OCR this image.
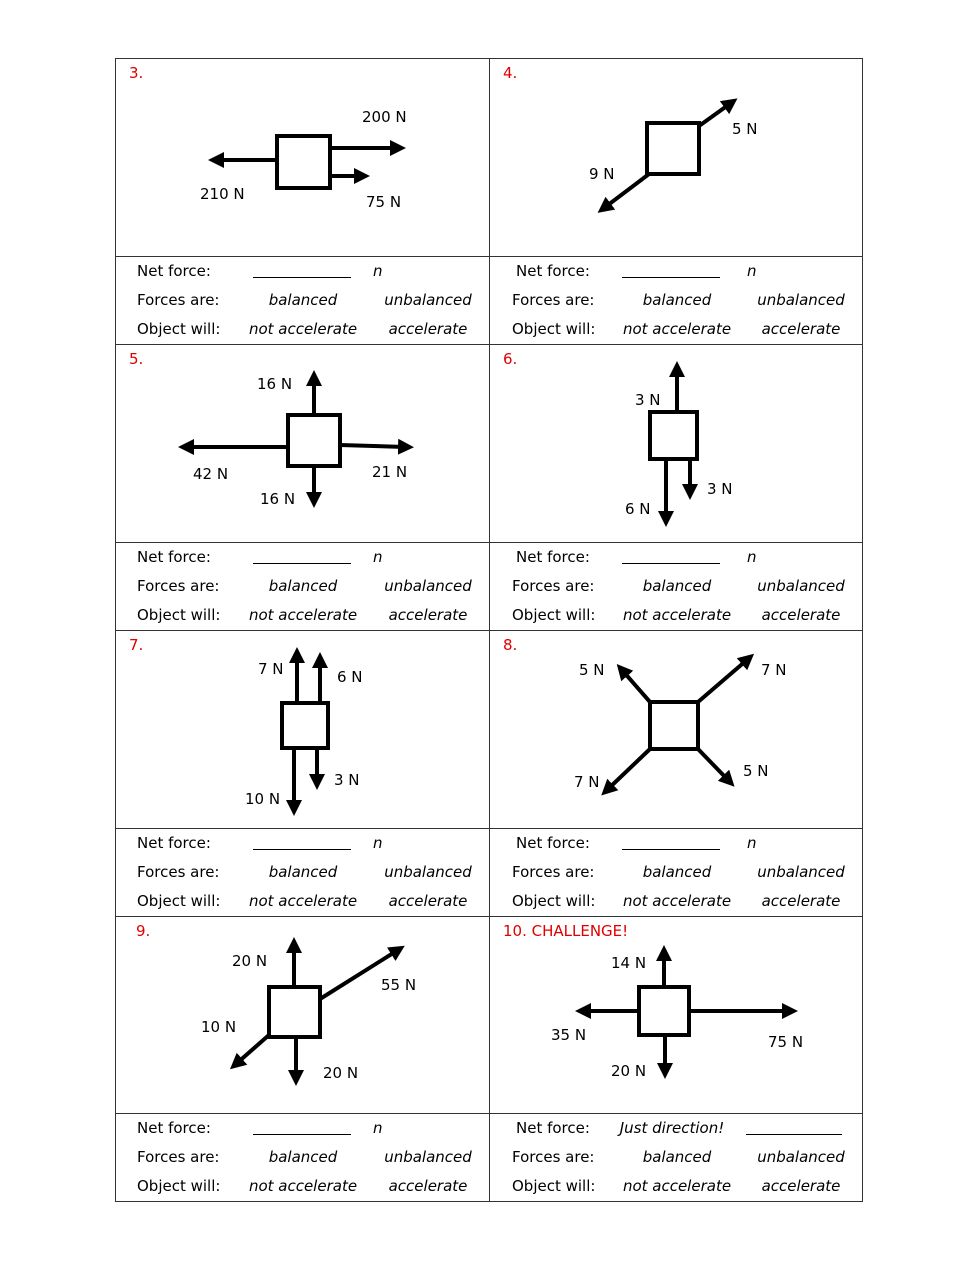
3.	4.
5.	6.
7.	8.
9.	10. CHALLENGE!
200 N
210 N	75 N
5 N
9 N
16 N
42 N	21 N
16 N
3 N
3 N
6 N
7 N	6 N
3 N
10 N
5 N	7 N
5 N
7 N
20 N
55 N
10 N
20 N
14 N
35 N	75 N
20 N
Net force:	n
Forces are:	balanced	unbalanced
Object will:	not accelerate	accelerate
Net force:	n
Forces are:	balanced	unbalanced
Object will:	not accelerate	accelerate
Net force:	n
Forces are:	balanced	unbalanced
Object will:	not accelerate	accelerate
Net force:	n
Forces are:	balanced	unbalanced
Object will:	not accelerate	accelerate
Net force:	n
Forces are:	balanced	unbalanced
Object will:	not accelerate	accelerate
Net force:	n
Forces are:	balanced	unbalanced
Object will:	not accelerate	accelerate
Net force:	n
Forces are:	balanced	unbalanced
Object will:	not accelerate	accelerate
Net force:	Just direction!
Forces are:	balanced	unbalanced
Object will:	not accelerate	accelerate
